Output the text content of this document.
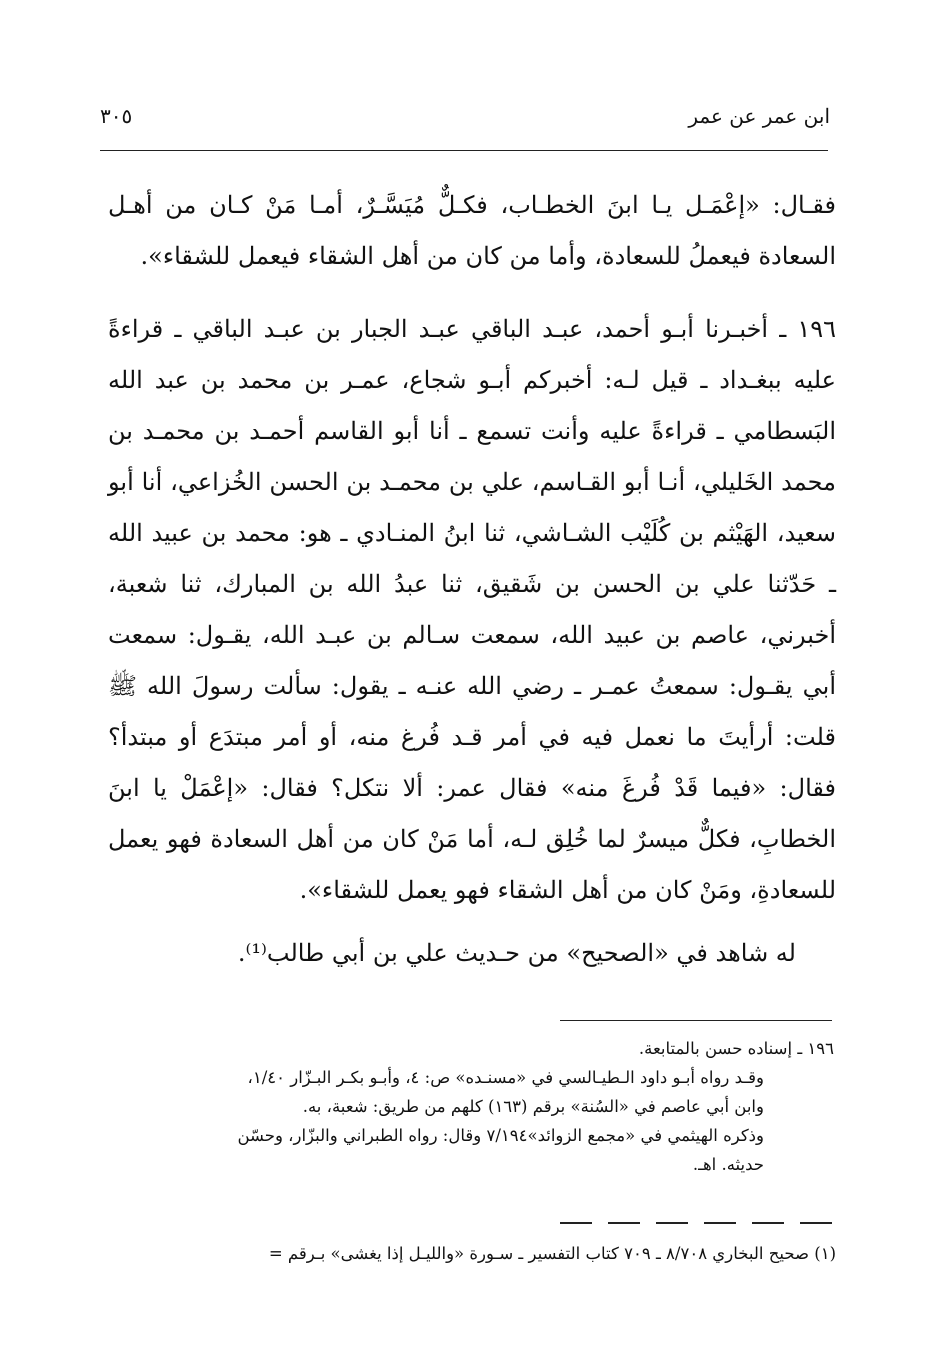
ابن عمر عن عمر
٣٠٥

فقـال: «إعْمَـل يـا ابنَ الخطـاب، فكـلٌّ مُيَسَّـرٌ، أمـا مَنْ كـان من أهـل السعادة فيعملُ للسعادة، وأما من كان من أهل الشقاء فيعمل للشقاء».

١٩٦ ـ أخبـرنا أبـو أحمد، عبـد الباقي عبـد الجبار بن عبـد الباقي ـ قراءةً عليه ببغـداد ـ قيل لـه: أخبركم أبـو شجاع، عمـر بن محمد بن عبد الله البَسطامي ـ قراءةً عليه وأنت تسمع ـ أنا أبو القاسم أحمـد بن محمـد بن محمد الخَليلي، أنـا أبو القـاسم، علي بن محمـد بن الحسن الخُزاعي، أنا أبو سعيد، الهَيْثم بن كُلَيْب الشـاشي، ثنا ابنُ المنـادي ـ هو: محمد بن عبيد الله ـ حَدّثنا علي بن الحسن بن شَقيق، ثنا عبدُ الله بن المبارك، ثنا شعبة، أخبرني، عاصم بن عبيد الله، سمعت سـالم بن عبـد الله، يقـول: سمعت أبي يقـول: سمعتُ عمـر ـ رضي الله عنـه ـ يقول: سألت رسولَ الله ﷺ قلت: أرأيتَ ما نعمل فيه في أمر قـد فُرغ منه، أو أمر مبتدَع أو مبتدأ؟ فقال: «فيما قَدْ فُرغَ منه» فقال عمر: ألا نتكل؟ فقال: «إعْمَلْ يا ابنَ الخطابِ، فكلٌّ ميسرٌ لما خُلِق لـه، أما مَنْ كان من أهل السعادة فهو يعمل للسعادةِ، ومَنْ كان من أهل الشقاء فهو يعمل للشقاء».

له شاهد في «الصحيح» من حـديث علي بن أبي طالب⁽¹⁾.

١٩٦ ـ إسناده حسن بالمتابعة.

وقـد رواه أبـو داود الـطيـالسي في «مسنـده» ص: ٤، وأبـو بكـر البـزّار ١/٤٠،

وابن أبي عاصم في «السُنة» برقم (١٦٣) كلهم من طريق: شعبة، به.

وذكره الهيثمي في «مجمع الزوائد»٧/١٩٤ وقال: رواه الطبراني والبزّار، وحسّن

حديثه. اهـ.

(١) صحيح البخاري ٨/٧٠٨ ـ ٧٠٩ كتاب التفسير ـ سـورة «والليـل إذا يغشى» بـرقم =
